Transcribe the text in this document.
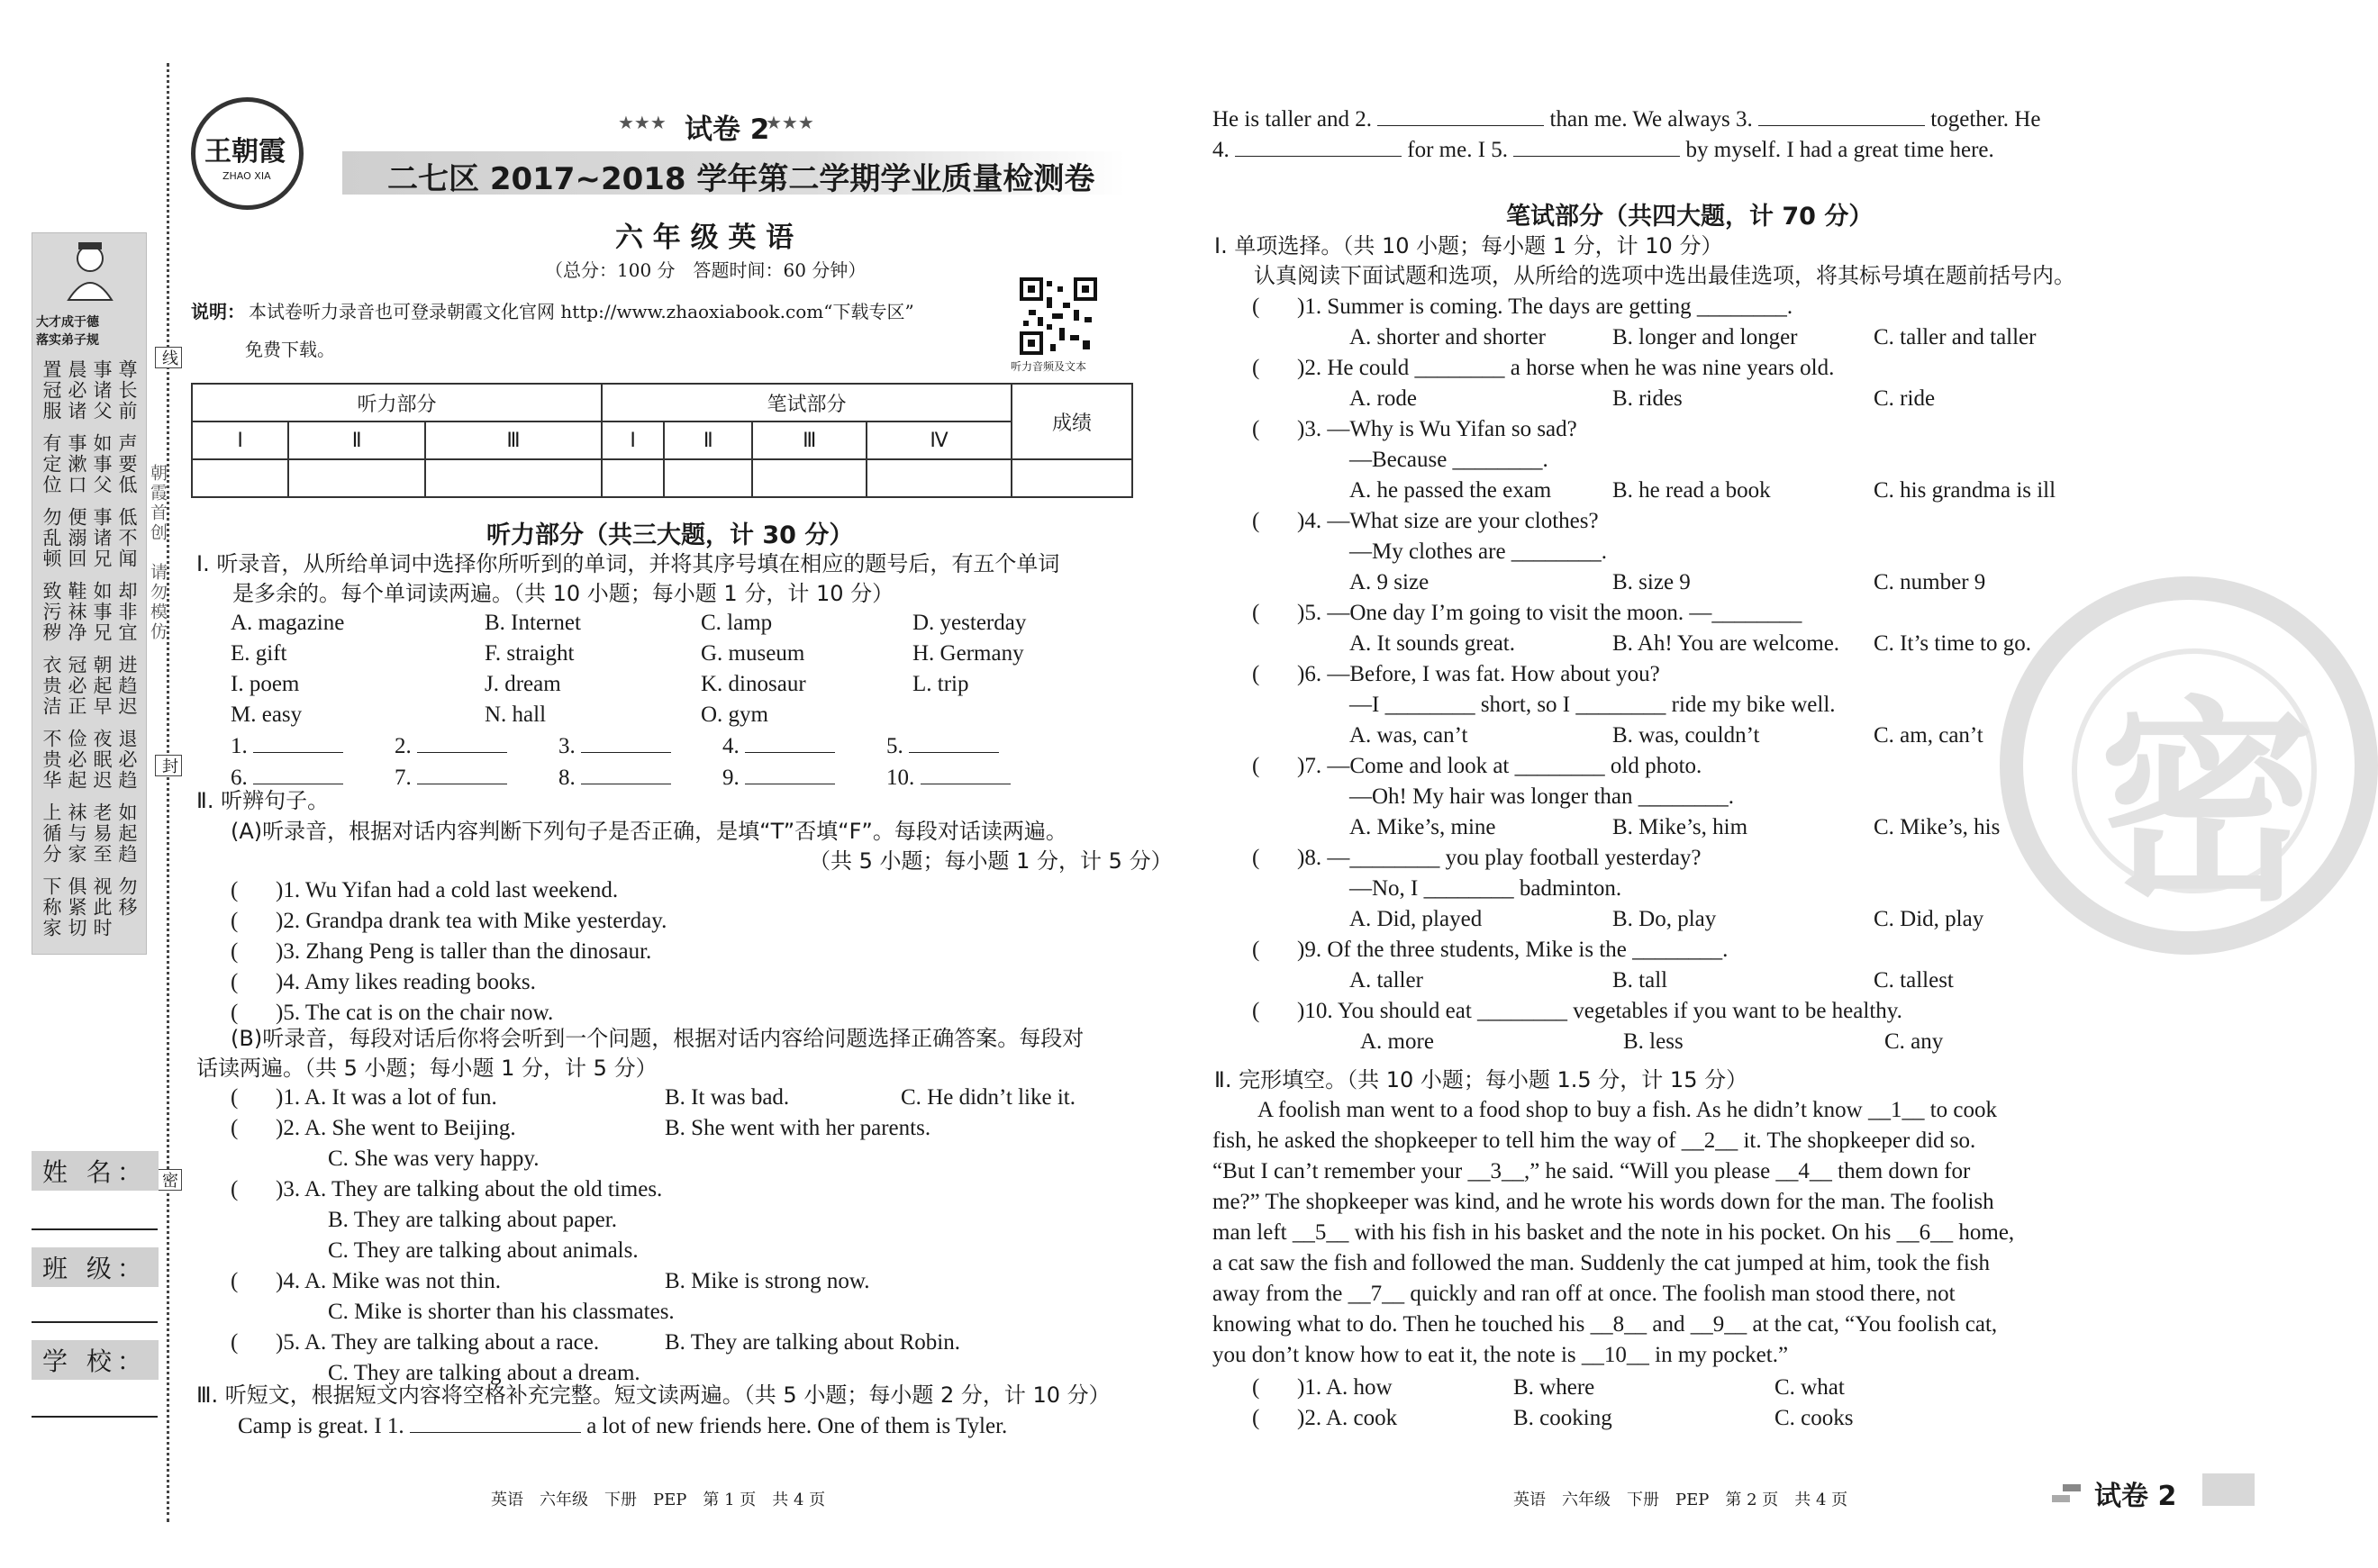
线
封
密
朝霞首创
请勿模仿
大才成于德
落实弟子规
置冠服 晨必诸 事诸父 尊长前
有定位 事漱口 如事父 声要低
勿乱顿 便溺回 事诸兄 低不闻
致污秽 鞋袜净 如事兄 却非宜
衣贵洁 冠必正 朝起早 进趋迟
不贵华 俭必起 夜眠迟 退必趋
上循分 袜与家 老易至 如起趋
下称家 俱紧切 视此时 勿移
姓 名：
班 级：
学 校：
王朝霞
ZHAO XIA
★★★ 试卷 2
★★★
二七区 2017~2018 学年第二学期学业质量检测卷
六 年 级 英 语
（总分：100 分　答题时间：60 分钟）
说明： 本试卷听力录音也可登录朝霞文化官网 http://www.zhaoxiabook.com“下载专区”
免费下载。
听力音频及文本
听力部分			笔试部分				成绩
Ⅰ	Ⅱ	Ⅲ	Ⅰ	Ⅱ	Ⅲ	Ⅳ	

听力部分（共三大题，计 30 分）
Ⅰ. 听录音，从所给单词中选择你所听到的单词，并将其序号填在相应的题号后，有五个单词
是多余的。每个单词读两遍。（共 10 小题；每小题 1 分，计 10 分）
A. magazine	B. Internet	C. lamp	D. yesterday
E. gift	F. straight	G. museum	H. Germany
I. poem	J. dream	K. dinosaur	L. trip
M. easy	N. hall	O. gym
1.	2.	3.	4.	5.
6.	7.	8.	9.	10.
Ⅱ. 听辨句子。
(A)听录音，根据对话内容判断下列句子是否正确，是填“T”否填“F”。每段对话读两遍。
（共 5 小题；每小题 1 分，计 5 分）
( )1. Wu Yifan had a cold last weekend.
( )2. Grandpa drank tea with Mike yesterday.
( )3. Zhang Peng is taller than the dinosaur.
( )4. Amy likes reading books.
( )5. The cat is on the chair now.
(B)听录音，每段对话后你将会听到一个问题，根据对话内容给问题选择正确答案。每段对
话读两遍。（共 5 小题；每小题 1 分，计 5 分）
(	)1. A. It was a lot of fun.	B. It was bad.	C. He didn’t like it.
(	)2. A. She went to Beijing.	B. She went with her parents.
C. She was very happy.
(	)3. A. They are talking about the old times.
B. They are talking about paper.
C. They are talking about animals.
(	)4. A. Mike was not thin.	B. Mike is strong now.
C. Mike is shorter than his classmates.
(	)5. A. They are talking about a race.	B. They are talking about Robin.
C. They are talking about a dream.
Ⅲ. 听短文，根据短文内容将空格补充完整。短文读两遍。（共 5 小题；每小题 2 分，计 10 分）
Camp is great. I 1.	a lot of new friends here. One of them is Tyler.
He is taller and 2.	than me. We always 3.	together. He
4.	for me. I 5.	by myself. I had a great time here.
密
笔试部分（共四大题，计 70 分）
Ⅰ. 单项选择。（共 10 小题；每小题 1 分，计 10 分）
认真阅读下面试题和选项，从所给的选项中选出最佳选项，将其标号填在题前括号内。
( )1. Summer is coming. The days are getting ________.
A. shorter and shorter	B. longer and longer	C. taller and taller
( )2. He could ________ a horse when he was nine years old.
A. rode	B. rides	C. ride
( )3. —Why is Wu Yifan so sad?
—Because ________.
A. he passed the exam	B. he read a book	C. his grandma is ill
( )4. —What size are your clothes?
—My clothes are ________.
A. 9 size	B. size 9	C. number 9
( )5. —One day I’m going to visit the moon. —________
A. It sounds great.	B. Ah! You are welcome.	C. It’s time to go.
( )6. —Before, I was fat. How about you?
—I ________ short, so I ________ ride my bike well.
A. was, can’t	B. was, couldn’t	C. am, can’t
( )7. —Come and look at ________ old photo.
—Oh! My hair was longer than ________.
A. Mike’s, mine	B. Mike’s, him	C. Mike’s, his
( )8. —________ you play football yesterday?
—No, I ________ badminton.
A. Did, played	B. Do, play	C. Did, play
( )9. Of the three students, Mike is the ________.
A. taller	B. tall	C. tallest
( )10. You should eat ________ vegetables if you want to be healthy.
A. more	B. less	C. any
Ⅱ. 完形填空。（共 10 小题；每小题 1.5 分，计 15 分）
A foolish man went to a food shop to buy a fish. As he didn’t know __1__ to cook
fish, he asked the shopkeeper to tell him the way of __2__ it. The shopkeeper did so.
“But I can’t remember your __3__,” he said. “Will you please __4__ them down for
me?” The shopkeeper was kind, and he wrote his words down for the man. The foolish
man left __5__ with his fish in his basket and the note in his pocket. On his __6__ home,
a cat saw the fish and followed the man. Suddenly the cat jumped at him, took the fish
away from the __7__ quickly and ran off at once. The foolish man stood there, not
knowing what to do. Then he touched his __8__ and __9__ at the cat, “You foolish cat,
you don’t know how to eat it, the note is __10__ in my pocket.”
(	)1. A. how	B. where	C. what
(	)2. A. cook	B. cooking	C. cooks
英语　六年级　下册　PEP　第 1 页　共 4 页	英语　六年级　下册　PEP　第 2 页　共 4 页	试卷 2
